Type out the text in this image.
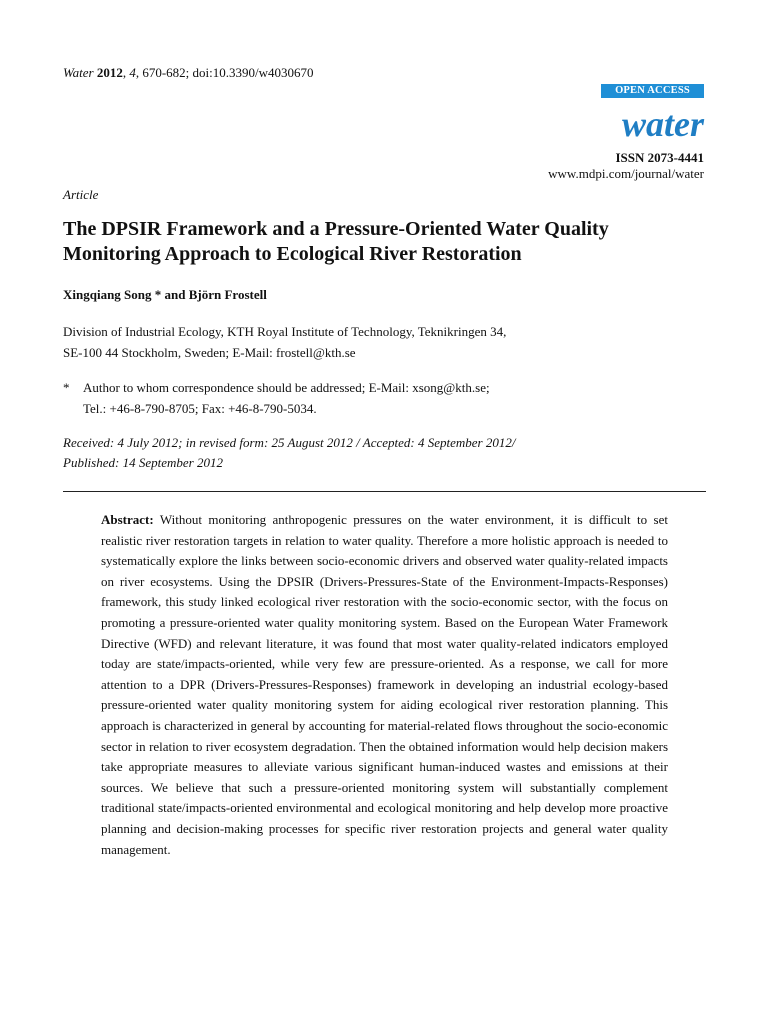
Water 2012, 4, 670-682; doi:10.3390/w4030670
OPEN ACCESS
water
ISSN 2073-4441
www.mdpi.com/journal/water
Article
The DPSIR Framework and a Pressure-Oriented Water Quality
Monitoring Approach to Ecological River Restoration
Xingqiang Song * and Björn Frostell
Division of Industrial Ecology, KTH Royal Institute of Technology, Teknikringen 34,
SE-100 44 Stockholm, Sweden; E-Mail: frostell@kth.se
* Author to whom correspondence should be addressed; E-Mail: xsong@kth.se;
Tel.: +46-8-790-8705; Fax: +46-8-790-5034.
Received: 4 July 2012; in revised form: 25 August 2012 / Accepted: 4 September 2012/
Published: 14 September 2012

Abstract: Without monitoring anthropogenic pressures on the water environment, it is difficult to set realistic river restoration targets in relation to water quality. Therefore a more holistic approach is needed to systematically explore the links between socio-economic drivers and observed water quality-related impacts on river ecosystems. Using the DPSIR (Drivers-Pressures-State of the Environment-Impacts-Responses) framework, this study linked ecological river restoration with the socio-economic sector, with the focus on promoting a pressure-oriented water quality monitoring system. Based on the European Water Framework Directive (WFD) and relevant literature, it was found that most water quality-related indicators employed today are state/impacts-oriented, while very few are pressure-oriented. As a response, we call for more attention to a DPR (Drivers-Pressures-Responses) framework in developing an industrial ecology-based pressure-oriented water quality monitoring system for aiding ecological river restoration planning. This approach is characterized in general by accounting for material-related flows throughout the socio-economic sector in relation to river ecosystem degradation. Then the obtained information would help decision makers take appropriate measures to alleviate various significant human-induced wastes and emissions at their sources. We believe that such a pressure-oriented monitoring system will substantially complement traditional state/impacts-oriented environmental and ecological monitoring and help develop more proactive planning and decision-making processes for specific river restoration projects and general water quality management.
